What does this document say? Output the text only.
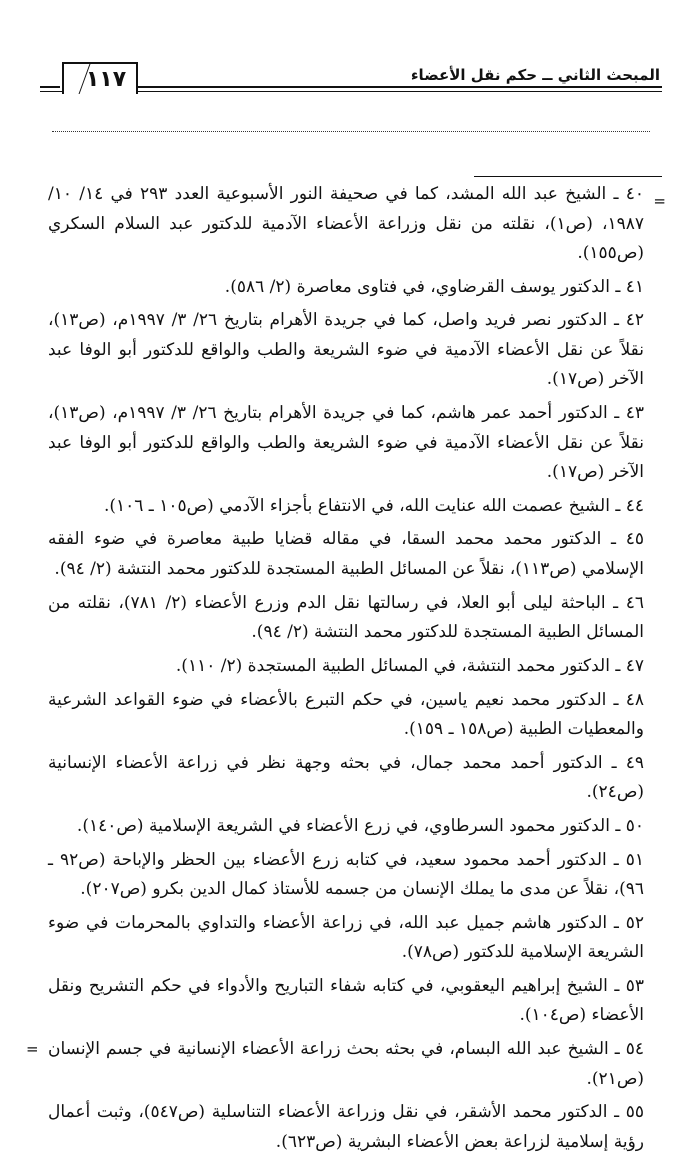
١١٧	المبحث الثاني ــ حكم نقل الأعضاء
=
=

٤٠ ـ الشيخ عبد الله المشد، كما في صحيفة النور الأسبوعية العدد ٢٩٣ في ١٤/ ١٠/ ١٩٨٧، (ص١)، نقلته من نقل وزراعة الأعضاء الآدمية للدكتور عبد السلام السكري (ص١٥٥).

٤١ ـ الدكتور يوسف القرضاوي، في فتاوى معاصرة (٢/ ٥٨٦).

٤٢ ـ الدكتور نصر فريد واصل، كما في جريدة الأهرام بتاريخ ٢٦/ ٣/ ١٩٩٧م، (ص١٣)، نقلاً عن نقل الأعضاء الآدمية في ضوء الشريعة والطب والواقع للدكتور أبو الوفا عبد الآخر (ص١٧).

٤٣ ـ الدكتور أحمد عمر هاشم، كما في جريدة الأهرام بتاريخ ٢٦/ ٣/ ١٩٩٧م، (ص١٣)، نقلاً عن نقل الأعضاء الآدمية في ضوء الشريعة والطب والواقع للدكتور أبو الوفا عبد الآخر (ص١٧).

٤٤ ـ الشيخ عصمت الله عنايت الله، في الانتفاع بأجزاء الآدمي (ص١٠٥ ـ ١٠٦).

٤٥ ـ الدكتور محمد محمد السقا، في مقاله قضايا طبية معاصرة في ضوء الفقه الإسلامي (ص١١٣)، نقلاً عن المسائل الطبية المستجدة للدكتور محمد النتشة (٢/ ٩٤).

٤٦ ـ الباحثة ليلى أبو العلا، في رسالتها نقل الدم وزرع الأعضاء (٢/ ٧٨١)، نقلته من المسائل الطبية المستجدة للدكتور محمد النتشة (٢/ ٩٤).

٤٧ ـ الدكتور محمد النتشة، في المسائل الطبية المستجدة (٢/ ١١٠).

٤٨ ـ الدكتور محمد نعيم ياسين، في حكم التبرع بالأعضاء في ضوء القواعد الشرعية والمعطيات الطبية (ص١٥٨ ـ ١٥٩).

٤٩ ـ الدكتور أحمد محمد جمال، في بحثه وجهة نظر في زراعة الأعضاء الإنسانية (ص٢٤).

٥٠ ـ الدكتور محمود السرطاوي، في زرع الأعضاء في الشريعة الإسلامية (ص١٤٠).

٥١ ـ الدكتور أحمد محمود سعيد، في كتابه زرع الأعضاء بين الحظر والإباحة (ص٩٢ ـ ٩٦)، نقلاً عن مدى ما يملك الإنسان من جسمه للأستاذ كمال الدين بكرو (ص٢٠٧).

٥٢ ـ الدكتور هاشم جميل عبد الله، في زراعة الأعضاء والتداوي بالمحرمات في ضوء الشريعة الإسلامية للدكتور (ص٧٨).

٥٣ ـ الشيخ إبراهيم اليعقوبي، في كتابه شفاء التباريح والأدواء في حكم التشريح ونقل الأعضاء (ص١٠٤).

٥٤ ـ الشيخ عبد الله البسام، في بحثه بحث زراعة الأعضاء الإنسانية في جسم الإنسان (ص٢١).

٥٥ ـ الدكتور محمد الأشقر، في نقل وزراعة الأعضاء التناسلية (ص٥٤٧)، وثبت أعمال رؤية إسلامية لزراعة بعض الأعضاء البشرية (ص٦٢٣).
